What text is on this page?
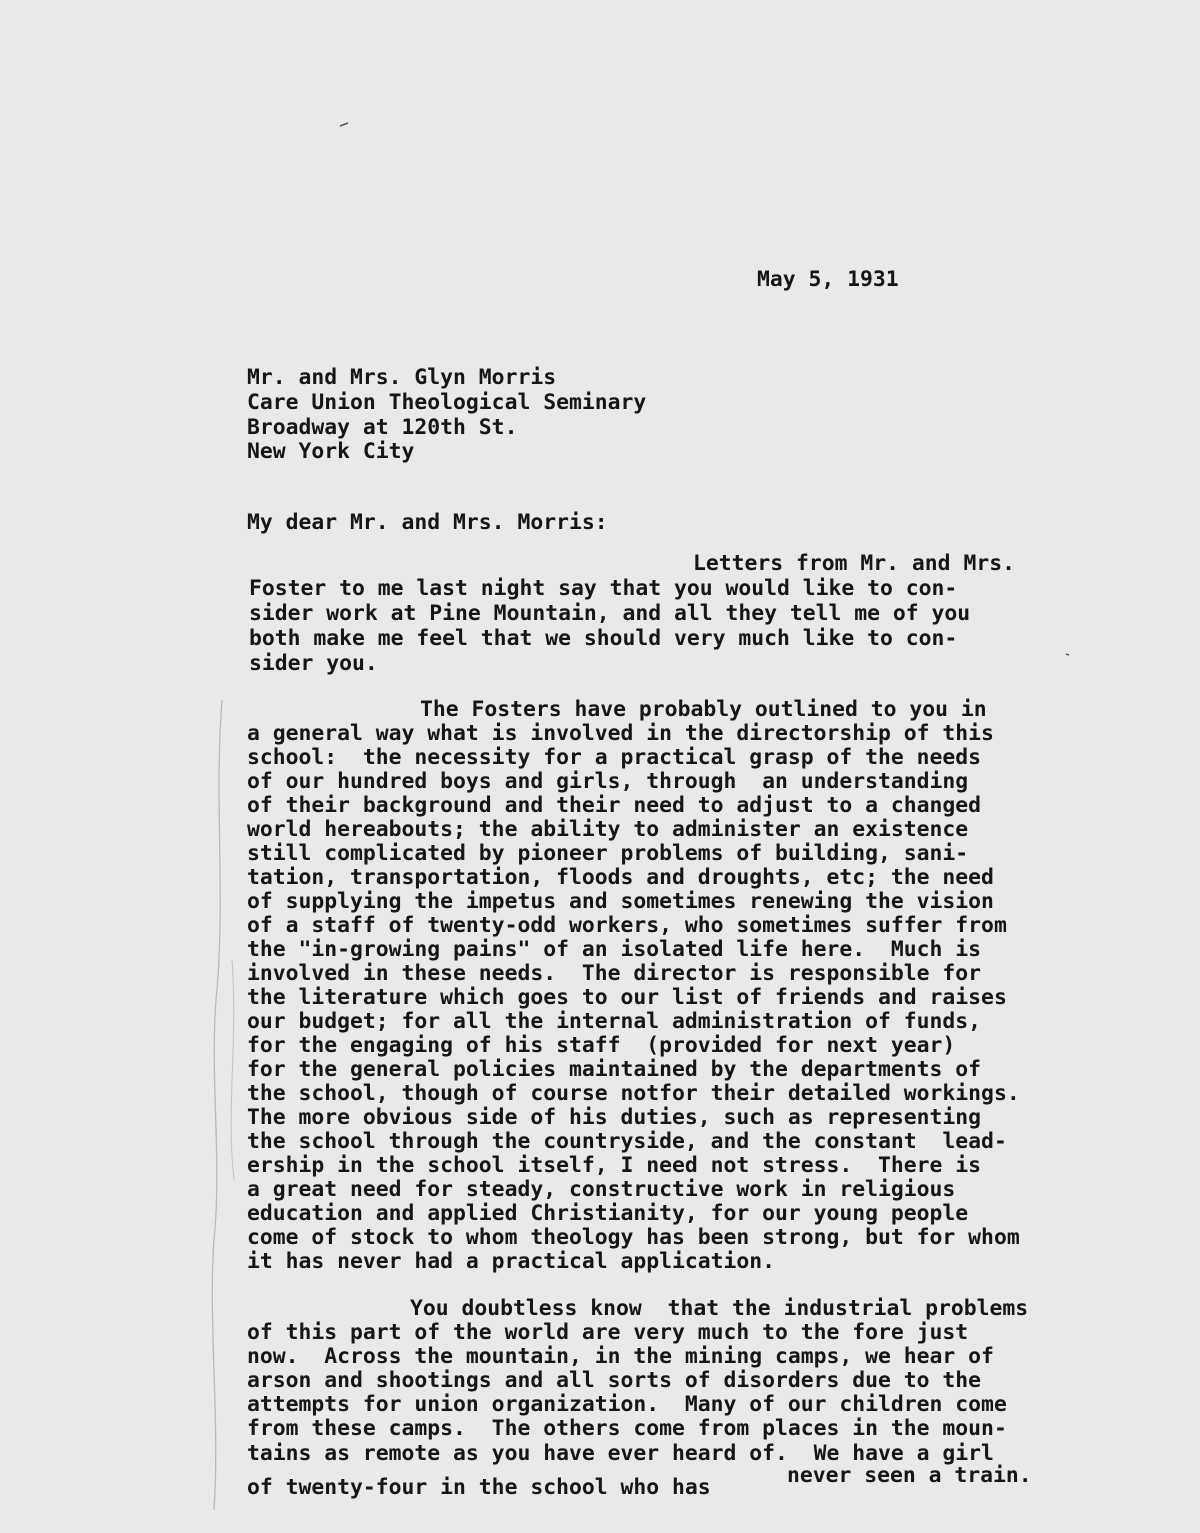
May 5, 1931
Mr. and Mrs. Glyn Morris
Care Union Theological Seminary
Broadway at 120th St.
New York City
My dear Mr. and Mrs. Morris:
Letters from Mr. and Mrs.
Foster to me last night say that you would like to con-
sider work at Pine Mountain, and all they tell me of you
both make me feel that we should very much like to con-
sider you.
The Fosters have probably outlined to you in
a general way what is involved in the directorship of this
school:  the necessity for a practical grasp of the needs
of our hundred boys and girls, through  an understanding
of their background and their need to adjust to a changed
world hereabouts; the ability to administer an existence
still complicated by pioneer problems of building, sani-
tation, transportation, floods and droughts, etc; the need
of supplying the impetus and sometimes renewing the vision
of a staff of twenty-odd workers, who sometimes suffer from
the "in-growing pains" of an isolated life here.  Much is
involved in these needs.  The director is responsible for
the literature which goes to our list of friends and raises
our budget; for all the internal administration of funds,
for the engaging of his staff  (provided for next year)
for the general policies maintained by the departments of
the school, though of course notfor their detailed workings.
The more obvious side of his duties, such as representing
the school through the countryside, and the constant  lead-
ership in the school itself, I need not stress.  There is
a great need for steady, constructive work in religious
education and applied Christianity, for our young people
come of stock to whom theology has been strong, but for whom
it has never had a practical application.
You doubtless know  that the industrial problems
of this part of the world are very much to the fore just
now.  Across the mountain, in the mining camps, we hear of
arson and shootings and all sorts of disorders due to the
attempts for union organization.  Many of our children come
from these camps.  The others come from places in the moun-
tains as remote as you have ever heard of.  We have a girl
of twenty-four in the school who has	never seen a train.
